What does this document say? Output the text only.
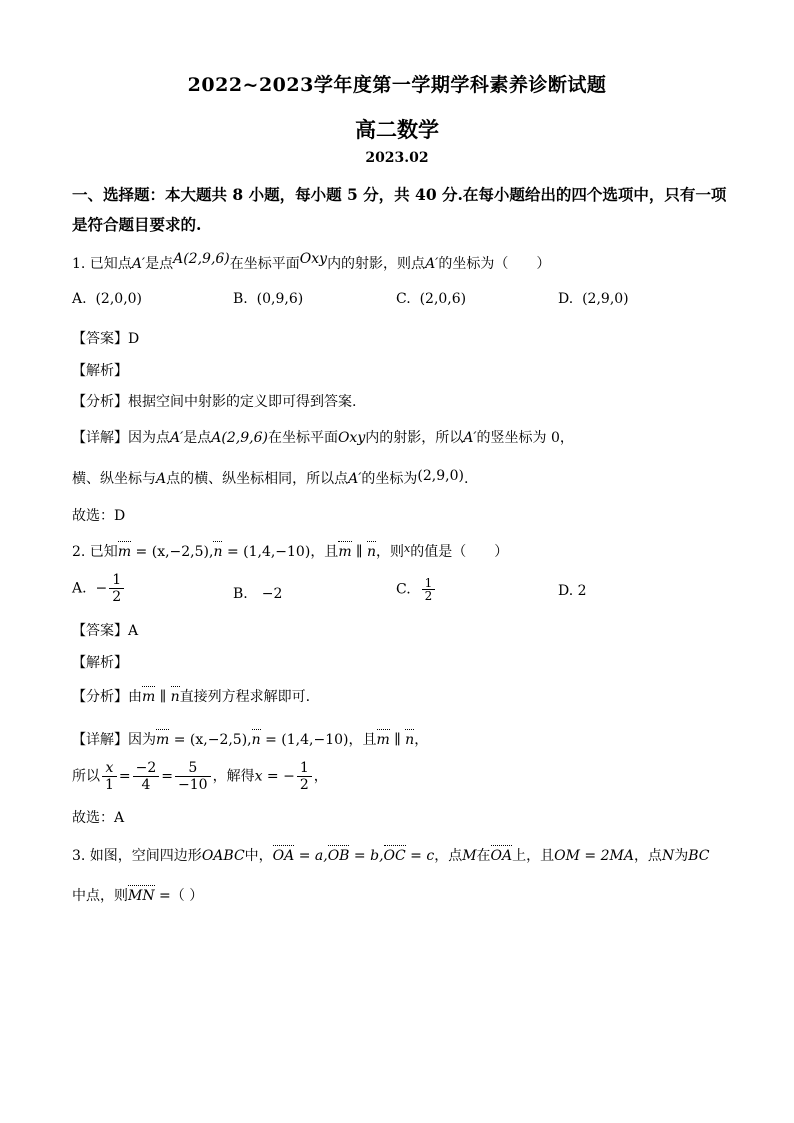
2022~2023学年度第一学期学科素养诊断试题
高二数学
2023.02
一、选择题：本大题共 8 小题，每小题 5 分，共 40 分.在每小题给出的四个选项中，只有一项
是符合题目要求的.
1. 已知点A′是点A(2,9,6)在坐标平面Oxy内的射影，则点A′的坐标为（　　）
A. (2,0,0)	B. (0,9,6)	C. (2,0,6)	D. (2,9,0)
【答案】D
【解析】
【分析】根据空间中射影的定义即可得到答案.
【详解】因为点A′是点A(2,9,6)在坐标平面Oxy内的射影，所以A′的竖坐标为 0，
横、纵坐标与A点的横、纵坐标相同，所以点A′的坐标为(2,9,0).
故选：D
2. 已知m = (x,−2,5),n = (1,4,−10)，且m ∥ n，则$^x$的值是（　　）
A. − $\frac{1}{2}$	B.　−2	C. $\frac{1}{2}$	D. 2
【答案】A
【解析】
【分析】由m ∥ n直接列方程求解即可.
【详解】因为m = (x,−2,5),n = (1,4,−10)，且m ∥ n，
所以 $\frac{x}{1} = \frac{-2}{4} = \frac{5}{-10}$ ，解得x = − $\frac{1}{2}$ ，
故选：A
3. 如图，空间四边形OABC中，OA = a,OB = b,OC = c，点M在OA上，且OM = 2MA，点N为BC
中点，则MN =（ ）
